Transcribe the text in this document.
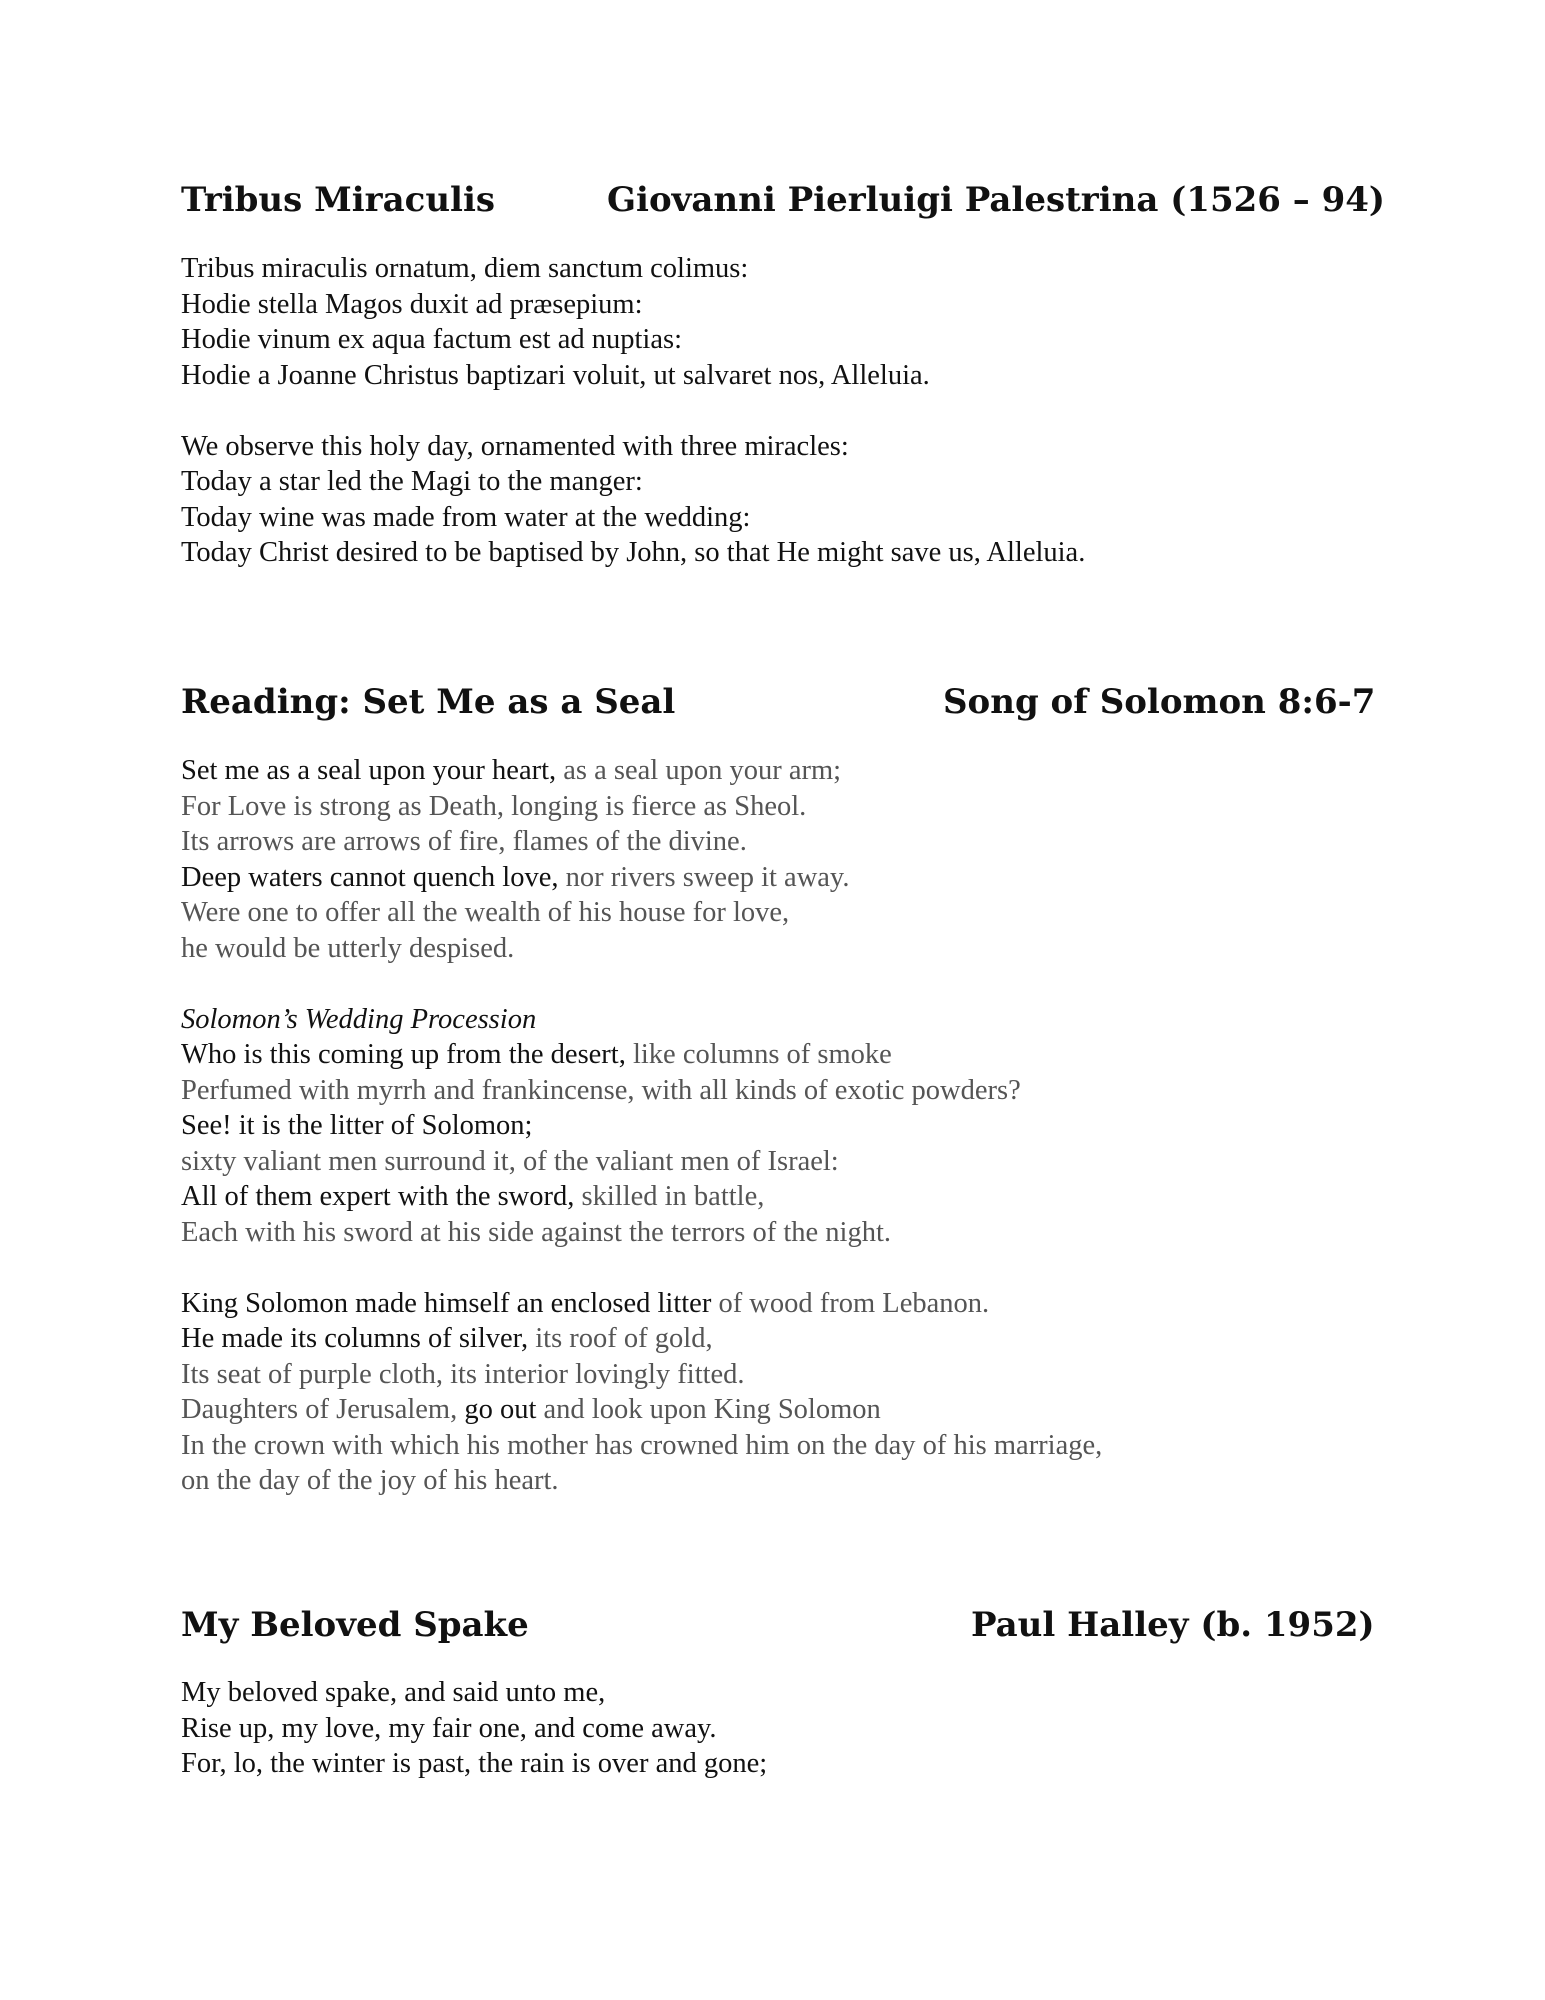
Tribus Miraculis	Giovanni Pierluigi Palestrina (1526 – 94)
Tribus miraculis ornatum, diem sanctum colimus:
Hodie stella Magos duxit ad præsepium:
Hodie vinum ex aqua factum est ad nuptias:
Hodie a Joanne Christus baptizari voluit, ut salvaret nos, Alleluia.
We observe this holy day, ornamented with three miracles:
Today a star led the Magi to the manger:
Today wine was made from water at the wedding:
Today Christ desired to be baptised by John, so that He might save us, Alleluia.
Reading: Set Me as a Seal	Song of Solomon 8:6-7
Set me as a seal upon your heart, as a seal upon your arm;
For Love is strong as Death, longing is fierce as Sheol.
Its arrows are arrows of fire, flames of the divine.
Deep waters cannot quench love, nor rivers sweep it away.
Were one to offer all the wealth of his house for love,
he would be utterly despised.
Solomon’s Wedding Procession
Who is this coming up from the desert, like columns of smoke
Perfumed with myrrh and frankincense, with all kinds of exotic powders?
See! it is the litter of Solomon;
sixty valiant men surround it, of the valiant men of Israel:
All of them expert with the sword, skilled in battle,
Each with his sword at his side against the terrors of the night.
King Solomon made himself an enclosed litter of wood from Lebanon.
He made its columns of silver, its roof of gold,
Its seat of purple cloth, its interior lovingly fitted.
Daughters of Jerusalem, go out and look upon King Solomon
In the crown with which his mother has crowned him on the day of his marriage,
on the day of the joy of his heart.
My Beloved Spake	Paul Halley (b. 1952)
My beloved spake, and said unto me,
Rise up, my love, my fair one, and come away.
For, lo, the winter is past, the rain is over and gone;
